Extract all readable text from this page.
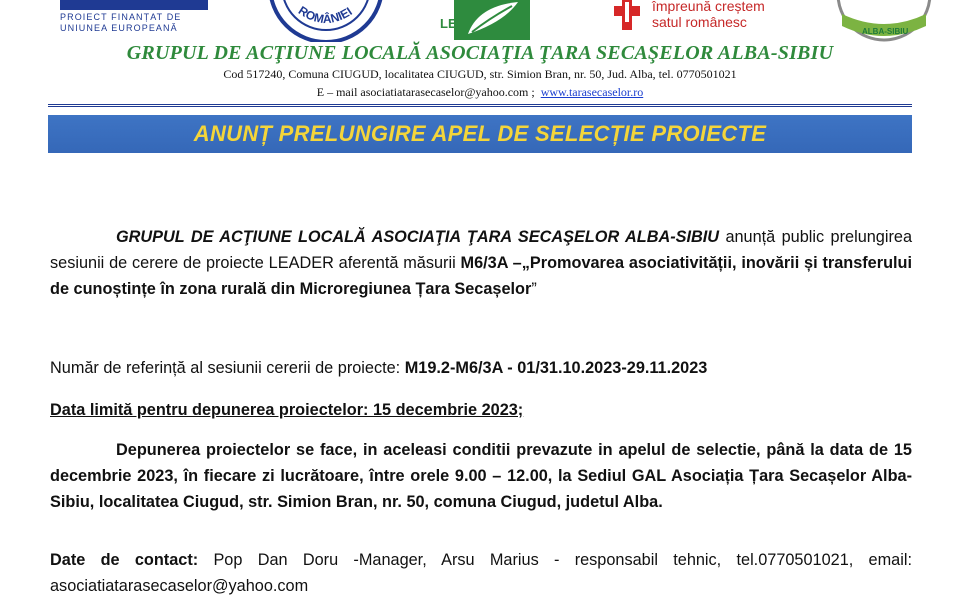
PROIECT FINANȚAT DE
UNIUNEA EUROPEANĂ
ROMÂNIEI
LE
împreună creștem
satul românesc
ALBA-SIBIU
GRUPUL DE ACŢIUNE LOCALĂ ASOCIAŢIA ŢARA SECAŞELOR ALBA-SIBIU
Cod 517240, Comuna CIUGUD, localitatea CIUGUD, str. Simion Bran, nr. 50, Jud. Alba, tel. 0770501021
E – mail asociatiatarasecaselor@yahoo.com ; www.tarasecaselor.ro
ANUNȚ PRELUNGIRE APEL DE SELECȚIE PROIECTE
GRUPUL DE ACŢIUNE LOCALĂ ASOCIAŢIA ŢARA SECAŞELOR ALBA-SIBIU anunță public prelungirea sesiunii de cerere de proiecte LEADER aferentă măsurii M6/3A –„Promovarea asociativității, inovării și transferului de cunoștințe în zona rurală din Microregiunea Țara Secașelor”
Număr de referință al sesiunii cererii de proiecte: M19.2-M6/3A - 01/31.10.2023-29.11.2023
Data limită pentru depunerea proiectelor: 15 decembrie 2023;
Depunerea proiectelor se face, in aceleasi conditii prevazute in apelul de selectie, până la data de 15 decembrie 2023, în fiecare zi lucrătoare, între orele 9.00 – 12.00, la Sediul GAL Asociația Țara Secașelor Alba-Sibiu, localitatea Ciugud, str. Simion Bran, nr. 50, comuna Ciugud, judetul Alba.
Date de contact: Pop Dan Doru -Manager, Arsu Marius - responsabil tehnic, tel.0770501021, email: asociatiatarasecaselor@yahoo.com
